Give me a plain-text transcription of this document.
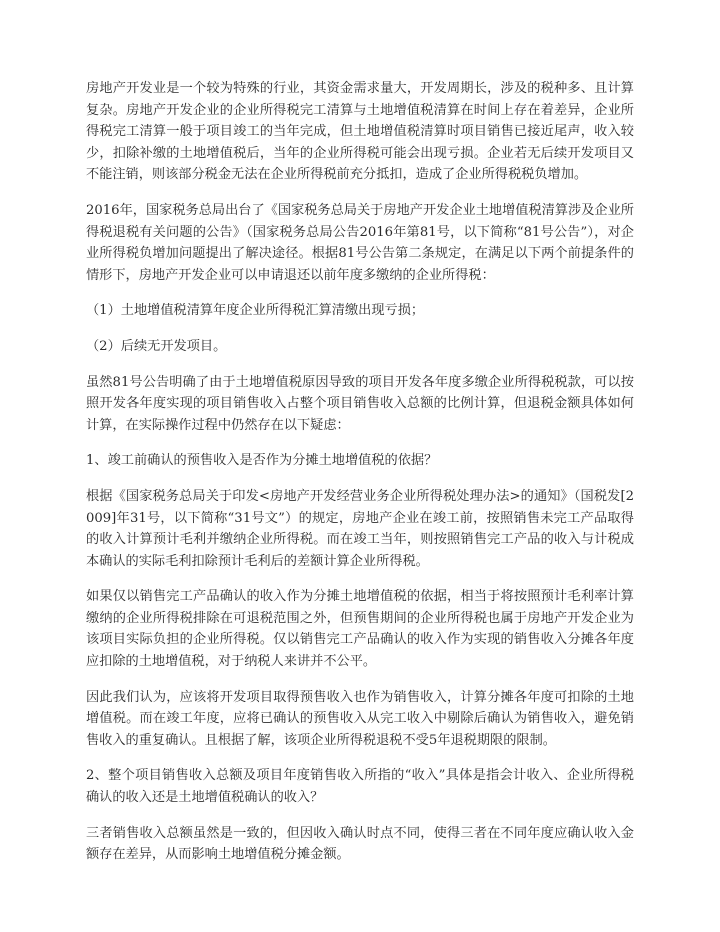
房地产开发业是一个较为特殊的行业，其资金需求量大，开发周期长，涉及的税种多、且计算复杂。房地产开发企业的企业所得税完工清算与土地增值税清算在时间上存在着差异，企业所得税完工清算一般于项目竣工的当年完成，但土地增值税清算时项目销售已接近尾声，收入较少，扣除补缴的土地增值税后，当年的企业所得税可能会出现亏损。企业若无后续开发项目又不能注销，则该部分税金无法在企业所得税前充分抵扣，造成了企业所得税税负增加。

2016年，国家税务总局出台了《国家税务总局关于房地产开发企业土地增值税清算涉及企业所得税退税有关问题的公告》（国家税务总局公告2016年第81号，以下简称“81号公告”），对企业所得税负增加问题提出了解决途径。根据81号公告第二条规定，在满足以下两个前提条件的情形下，房地产开发企业可以申请退还以前年度多缴纳的企业所得税：

（1）土地增值税清算年度企业所得税汇算清缴出现亏损；

（2）后续无开发项目。

虽然81号公告明确了由于土地增值税原因导致的项目开发各年度多缴企业所得税税款，可以按照开发各年度实现的项目销售收入占整个项目销售收入总额的比例计算，但退税金额具体如何计算，在实际操作过程中仍然存在以下疑虑：

1、竣工前确认的预售收入是否作为分摊土地增值税的依据？

根据《国家税务总局关于印发<房地产开发经营业务企业所得税处理办法>的通知》（国税发[2009]年31号，以下简称“31号文”）的规定，房地产企业在竣工前，按照销售未完工产品取得的收入计算预计毛利并缴纳企业所得税。而在竣工当年，则按照销售完工产品的收入与计税成本确认的实际毛利扣除预计毛利后的差额计算企业所得税。

如果仅以销售完工产品确认的收入作为分摊土地增值税的依据，相当于将按照预计毛利率计算缴纳的企业所得税排除在可退税范围之外，但预售期间的企业所得税也属于房地产开发企业为该项目实际负担的企业所得税。仅以销售完工产品确认的收入作为实现的销售收入分摊各年度应扣除的土地增值税，对于纳税人来讲并不公平。

因此我们认为，应该将开发项目取得预售收入也作为销售收入，计算分摊各年度可扣除的土地增值税。而在竣工年度，应将已确认的预售收入从完工收入中剔除后确认为销售收入，避免销售收入的重复确认。且根据了解，该项企业所得税退税不受5年退税期限的限制。

2、整个项目销售收入总额及项目年度销售收入所指的“收入”具体是指会计收入、企业所得税确认的收入还是土地增值税确认的收入？

三者销售收入总额虽然是一致的，但因收入确认时点不同，使得三者在不同年度应确认收入金额存在差异，从而影响土地增值税分摊金额。
